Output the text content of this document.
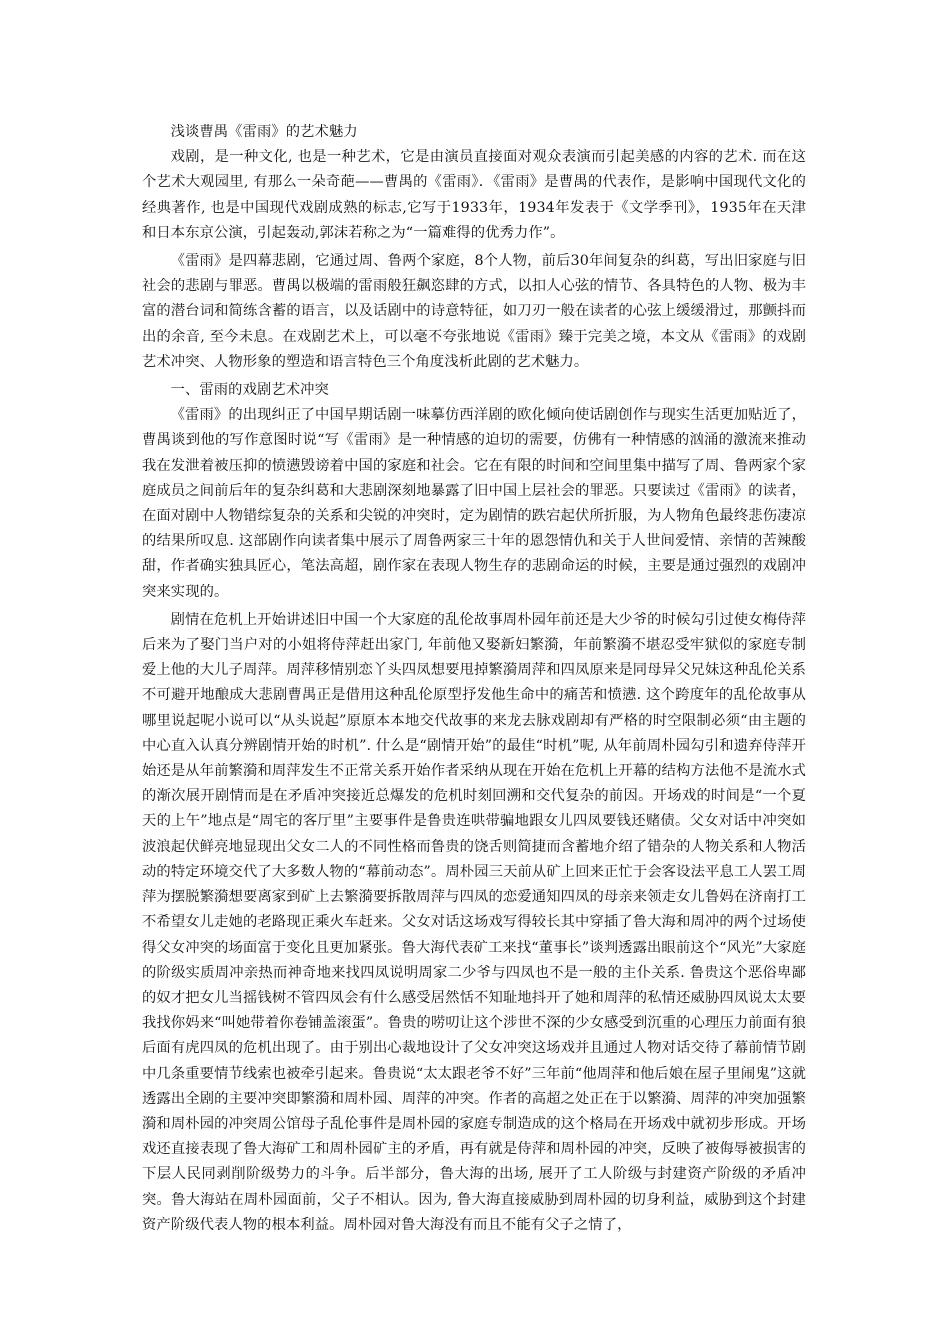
浅谈曹禺《雷雨》的艺术魅力

戏剧，是一种文化, 也是一种艺术，它是由演员直接面对观众表演而引起美感的内容的艺术. 而在这个艺术大观园里, 有那么一朵奇葩——曹禺的《雷雨》．《雷雨》是曹禺的代表作，是影响中国现代文化的经典著作, 也是中国现代戏剧成熟的标志,它写于1933年，1934年发表于《文学季刊》，1935年在天津和日本东京公演，引起轰动,郭沫若称之为“一篇难得的优秀力作”。

《雷雨》是四幕悲剧，它通过周、鲁两个家庭，8个人物，前后30年间复杂的纠葛，写出旧家庭与旧社会的悲剧与罪恶。曹禺以极端的雷雨般狂飙恣肆的方式，以扣人心弦的情节、各具特色的人物、极为丰富的潜台词和简练含蓄的语言，以及话剧中的诗意特征，如刀刃一般在读者的心弦上缓缓滑过，那颤抖而出的余音, 至今未息。在戏剧艺术上，可以毫不夸张地说《雷雨》臻于完美之境，本文从《雷雨》的戏剧艺术冲突、人物形象的塑造和语言特色三个角度浅析此剧的艺术魅力。

一、雷雨的戏剧艺术冲突

《雷雨》的出现纠正了中国早期话剧一味摹仿西洋剧的欧化倾向使话剧创作与现实生活更加贴近了，曹禺谈到他的写作意图时说“写《雷雨》是一种情感的迫切的需要，仿佛有一种情感的汹涌的激流来推动我在发泄着被压抑的愤懑毁谤着中国的家庭和社会。它在有限的时间和空间里集中描写了周、鲁两家个家庭成员之间前后年的复杂纠葛和大悲剧深刻地暴露了旧中国上层社会的罪恶。只要读过《雷雨》的读者，在面对剧中人物错综复杂的关系和尖锐的冲突时，定为剧情的跌宕起伏所折服，为人物角色最终悲伤凄凉的结果所叹息. 这部剧作向读者集中展示了周鲁两家三十年的恩怨情仇和关于人世间爱情、亲情的苦辣酸甜，作者确实独具匠心，笔法高超，剧作家在表现人物生存的悲剧命运的时候，主要是通过强烈的戏剧冲突来实现的。

剧情在危机上开始讲述旧中国一个大家庭的乱伦故事周朴园年前还是大少爷的时候勾引过使女梅侍萍后来为了娶门当户对的小姐将侍萍赶出家门, 年前他又娶新妇繁漪，年前繁漪不堪忍受牢狱似的家庭专制爱上他的大儿子周萍。周萍移情别恋丫头四凤想要甩掉繁漪周萍和四凤原来是同母异父兄妹这种乱伦关系不可避开地酿成大悲剧曹禺正是借用这种乱伦原型抒发他生命中的痛苦和愤懑. 这个跨度年的乱伦故事从哪里说起呢小说可以“从头说起”原原本本地交代故事的来龙去脉戏剧却有严格的时空限制必须“由主题的中心直入认真分辨剧情开始的时机”. 什么是“剧情开始”的最佳“时机”呢, 从年前周朴园勾引和遗弃侍萍开始还是从年前繁漪和周萍发生不正常关系开始作者采纳从现在开始在危机上开幕的结构方法他不是流水式的渐次展开剧情而是在矛盾冲突接近总爆发的危机时刻回溯和交代复杂的前因。开场戏的时间是“一个夏天的上午”地点是“周宅的客厅里”主要事件是鲁贵连哄带骗地跟女儿四凤要钱还赌债。父女对话中冲突如波浪起伏鲜亮地显现出父女二人的不同性格而鲁贵的饶舌则简捷而含蓄地介绍了错杂的人物关系和人物活动的特定环境交代了大多数人物的“幕前动态”。周朴园三天前从矿上回来正忙于会客设法平息工人罢工周萍为摆脱繁漪想要离家到矿上去繁漪要拆散周萍与四凤的恋爱通知四凤的母亲来领走女儿鲁妈在济南打工不希望女儿走她的老路现正乘火车赶来。父女对话这场戏写得较长其中穿插了鲁大海和周冲的两个过场使得父女冲突的场面富于变化且更加紧张。鲁大海代表矿工来找“董事长”谈判透露出眼前这个“风光”大家庭的阶级实质周冲亲热而神奇地来找四凤说明周家二少爷与四凤也不是一般的主仆关系. 鲁贵这个恶俗卑鄙的奴才把女儿当摇钱树不管四凤会有什么感受居然恬不知耻地抖开了她和周萍的私情还威胁四凤说太太要我找你妈来“叫她带着你卷铺盖滚蛋”。鲁贵的唠叨让这个涉世不深的少女感受到沉重的心理压力前面有狼后面有虎四凤的危机出现了。由于别出心裁地设计了父女冲突这场戏并且通过人物对话交待了幕前情节剧中几条重要情节线索也被牵引起来。鲁贵说“太太跟老爷不好”三年前“他周萍和他后娘在屋子里闹鬼”这就透露出全剧的主要冲突即繁漪和周朴园、周萍的冲突。作者的高超之处正在于以繁漪、周萍的冲突加强繁漪和周朴园的冲突周公馆母子乱伦事件是周朴园的家庭专制造成的这个格局在开场戏中就初步形成。开场戏还直接表现了鲁大海矿工和周朴园矿主的矛盾，再有就是侍萍和周朴园的冲突，反映了被侮辱被损害的下层人民同剥削阶级势力的斗争。后半部分，鲁大海的出场, 展开了工人阶级与封建资产阶级的矛盾冲突。鲁大海站在周朴园面前，父子不相认。因为, 鲁大海直接威胁到周朴园的切身利益，威胁到这个封建资产阶级代表人物的根本利益。周朴园对鲁大海没有而且不能有父子之情了，
